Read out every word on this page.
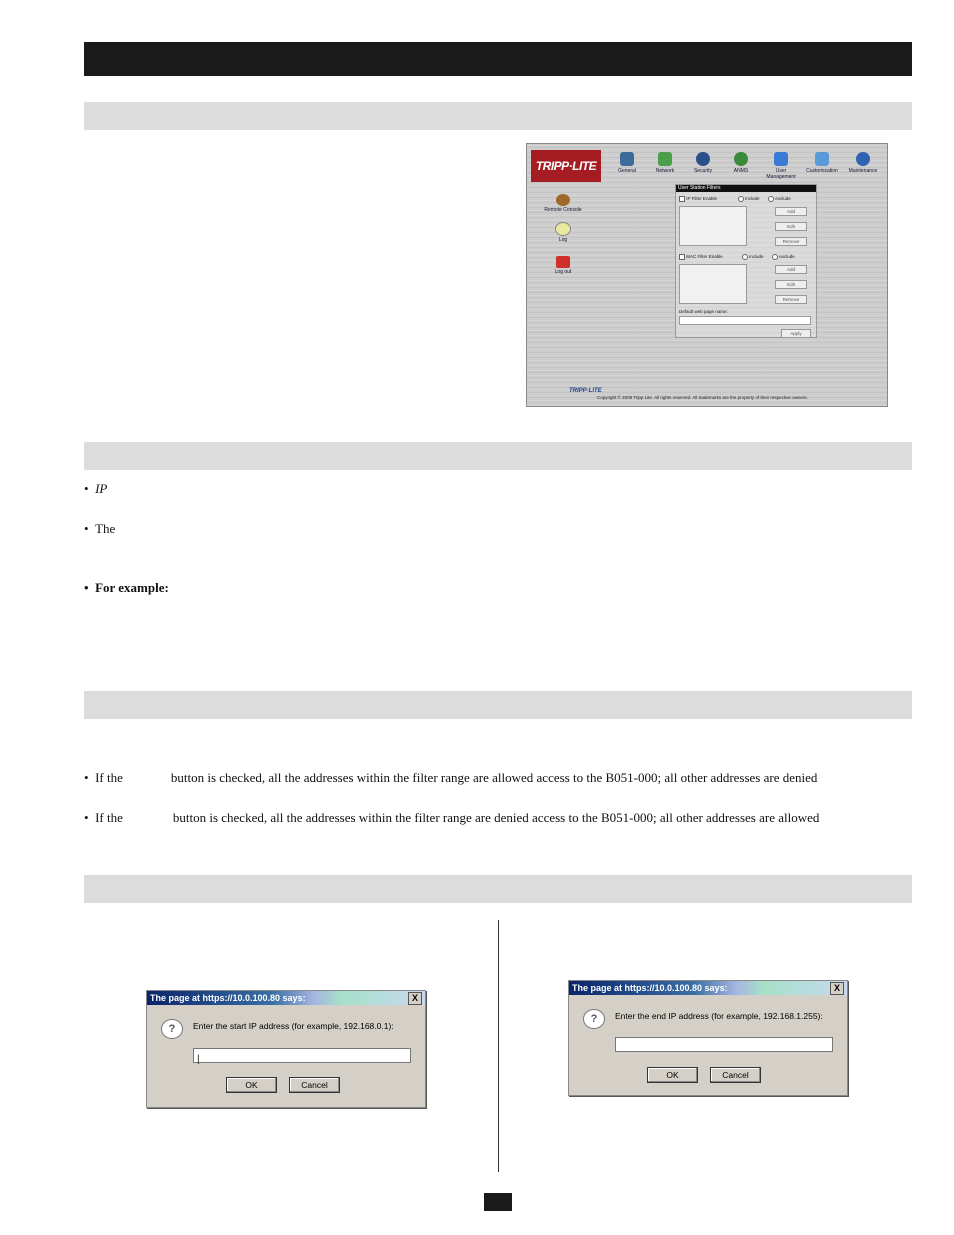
TRIPP·LITE	General	Network	Security	ANMS	User Management
Customization	Maintenance
Remote Console
Log
Log out
User Station Filters
IP Filter Enable	include	exclude
Add
Edit
Remove
MAC Filter Enable	include	exclude
Add
Edit
Remove
Default web page name:
Apply
TRIPP·LITE
Copyright © 2008 Tripp Lite. All rights reserved. All trademarks are the property of their respective owners.
•  IP
•  The
•  For example:
•  If the	button is checked, all the addresses within the filter range are allowed access to the B051-000; all other addresses are denied
•  If the	button is checked, all the addresses within the filter range are denied access to the B051-000; all other addresses are allowed
The page at https://10.0.100.80 says:	X
?	Enter the start IP address (for example, 192.168.0.1):
|
OK	Cancel
The page at https://10.0.100.80 says:	X
?	Enter the end IP address (for example, 192.168.1.255):
OK	Cancel
